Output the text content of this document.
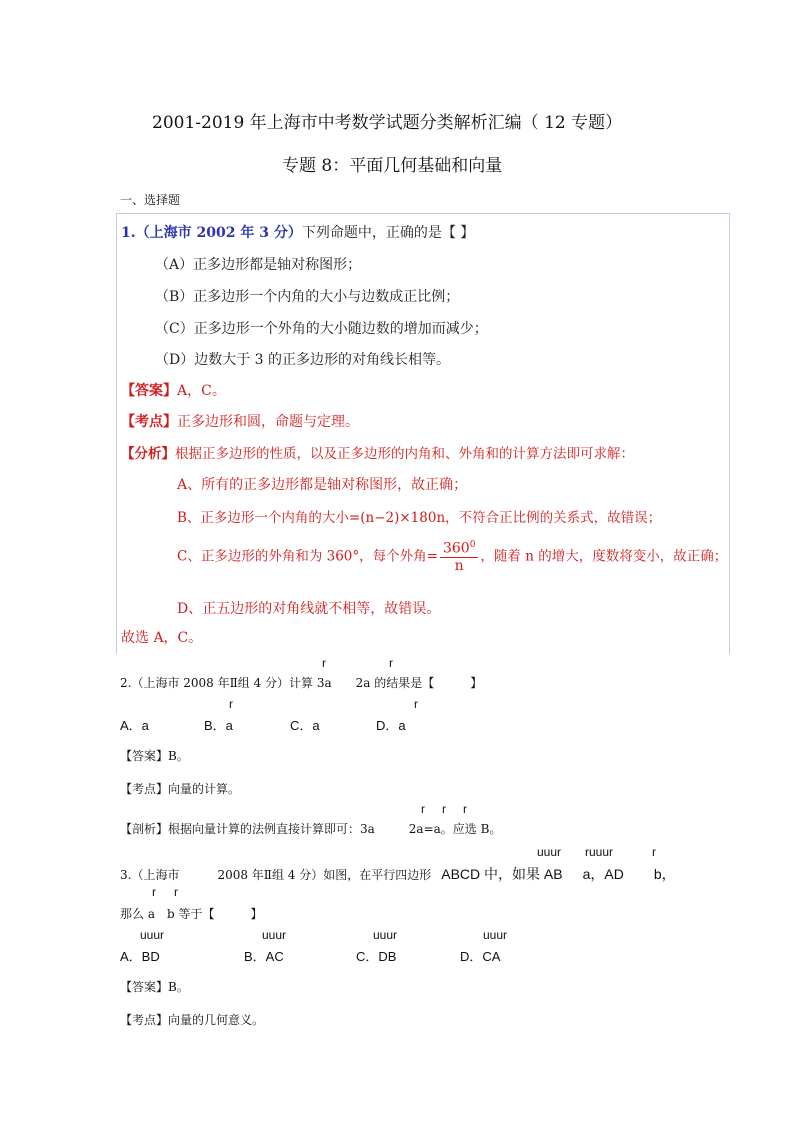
2001-2019 年上海市中考数学试题分类解析汇编（ 12 专题）
专题 8：平面几何基础和向量
一、选择题
1.（上海市 2002 年 3 分）下列命题中，正确的是【 】
（A）正多边形都是轴对称图形；
（B）正多边形一个内角的大小与边数成正比例；
（C）正多边形一个外角的大小随边数的增加而减少；
（D）边数大于 3 的正多边形的对角线长相等。
【答案】A，C。
【考点】正多边形和圆，命题与定理。
【分析】根据正多边形的性质，以及正多边形的内角和、外角和的计算方法即可求解：
A、所有的正多边形都是轴对称图形，故正确；
B、正多边形一个内角的大小=(n−2)×180n，不符合正比例的关系式，故错误；
C、正多边形的外角和为 360°，每个外角= $\frac{360^0}{n}$ ，随着 n 的增大，度数将变小，故正确；
D、正五边形的对角线就不相等，故错误。
故选 A，C。
r	r
2.（上海市 2008 年Ⅱ组 4 分）计算 3a 2a 的结果是【	】
r	r
A．a	B．a	C．a	D．a
【答案】B。
【考点】向量的计算。
r r r
【剖析】根据向量计算的法例直接计算即可：3a	2a=a。应选 B。
uuur ruuur	r
3.（上海市	2008 年Ⅱ组 4 分）如图，在平行四边形 ABCD 中，如果 AB a，AD b，
r r
那么 a b 等于【	】
uuur	uuur	uuur	uuur
A．BD	B．AC	C．DB	D．CA
【答案】B。
【考点】向量的几何意义。
